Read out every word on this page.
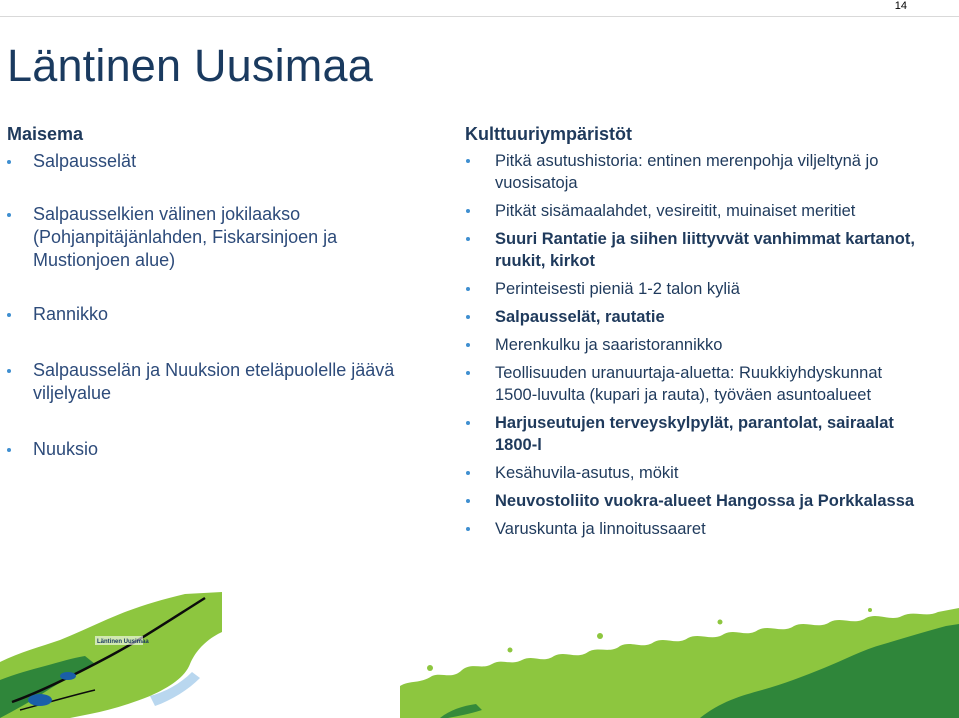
14
Läntinen Uusimaa
Maisema
Salpausselät
Salpausselkien välinen jokilaakso (Pohjanpitäjänlahden, Fiskarsinjoen ja Mustionjoen alue)
Rannikko
Salpausselän ja Nuuksion eteläpuolelle jäävä viljelyalue
Nuuksio
Kulttuuriympäristöt
Pitkä asutushistoria: entinen merenpohja viljeltynä jo vuosisatoja
Pitkät sisämaalahdet, vesireitit, muinaiset meritiet
Suuri Rantatie ja siihen liittyvvät vanhimmat kartanot, ruukit, kirkot
Perinteisesti pieniä 1-2 talon kyliä
Salpausselät, rautatie
Merenkulku ja saaristorannikko
Teollisuuden uranuurtaja-aluetta: Ruukkiyhdyskunnat 1500-luvulta (kupari ja rauta), työväen asuntoalueet
Harjuseutujen terveyskylpylät, parantolat, sairaalat 1800-l
Kesähuvila-asutus, mökit
Neuvostoliito vuokra-alueet Hangossa ja Porkkalassa
Varuskunta ja linnoitussaaret
Läntinen Uusimaa
